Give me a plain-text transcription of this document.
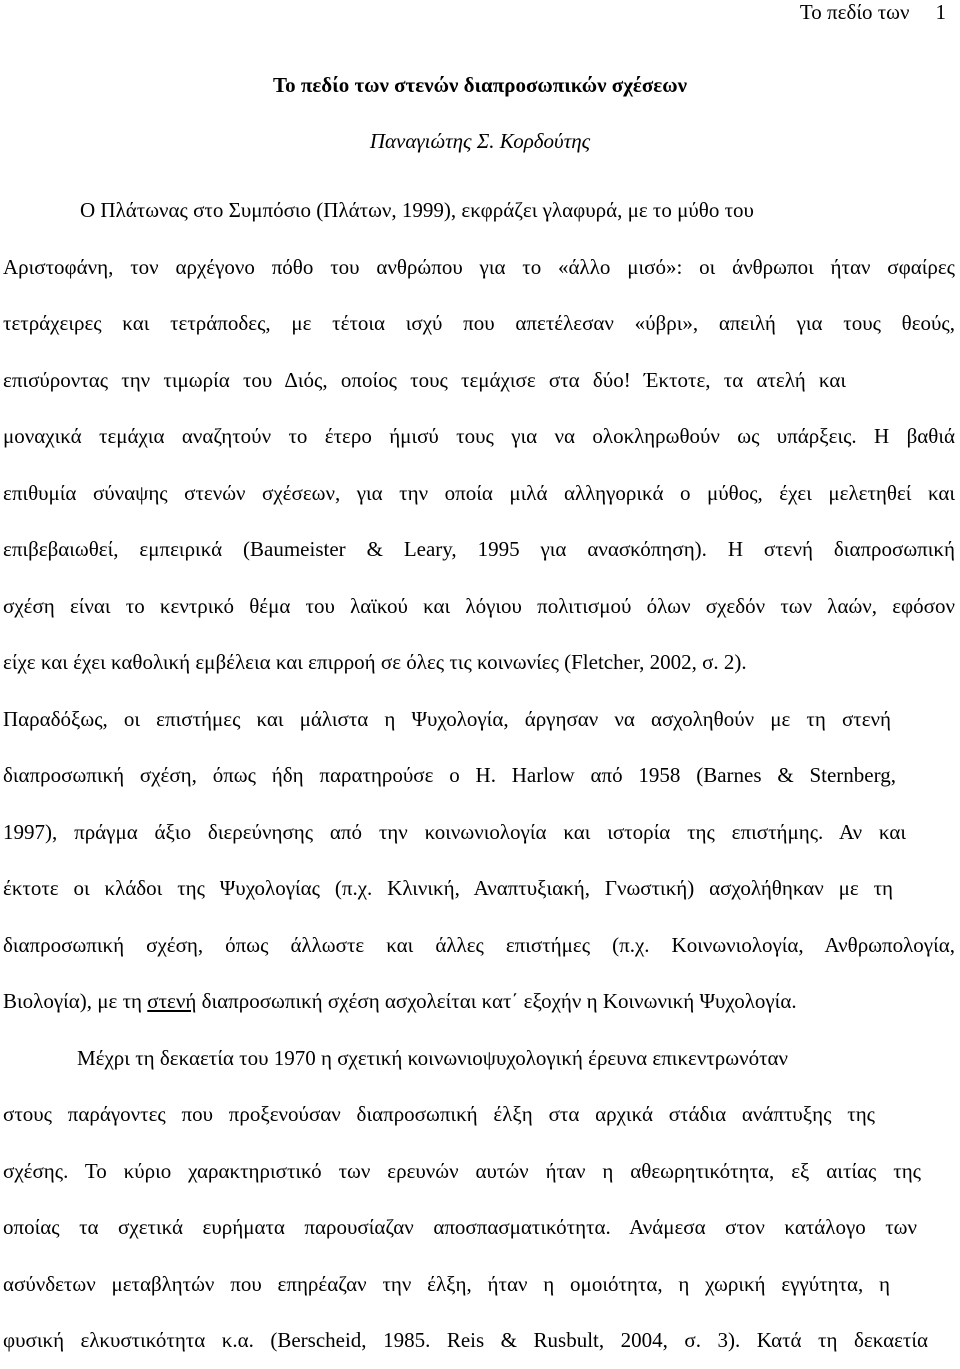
Το πεδίο των 1
Το πεδίο των στενών διαπροσωπικών σχέσεων
Παναγιώτης Σ. Κορδούτης
Ο Πλάτωνας στο Συμπόσιο (Πλάτων, 1999), εκφράζει γλαφυρά, με το μύθο του
Αριστοφάνη, τον αρχέγονο πόθο του ανθρώπου για το «άλλο μισό»: οι άνθρωποι ήταν σφαίρες
τετράχειρες και τετράποδες, με τέτοια ισχύ που απετέλεσαν «ύβρι», απειλή για τους θεούς,
επισύροντας την τιμωρία του Διός, οποίος τους τεμάχισε στα δύο! Έκτοτε, τα ατελή και
μοναχικά τεμάχια αναζητούν το έτερο ήμισύ τους για να ολοκληρωθούν ως υπάρξεις. Η βαθιά
επιθυμία σύναψης στενών σχέσεων, για την οποία μιλά αλληγορικά ο μύθος, έχει μελετηθεί και
επιβεβαιωθεί, εμπειρικά (Baumeister & Leary, 1995 για ανασκόπηση). Η στενή διαπροσωπική
σχέση είναι το κεντρικό θέμα του λαϊκού και λόγιου πολιτισμού όλων σχεδόν των λαών, εφόσον
είχε και έχει καθολική εμβέλεια και επιρροή σε όλες τις κοινωνίες (Fletcher, 2002, σ. 2).
Παραδόξως, οι επιστήμες και μάλιστα η Ψυχολογία, άργησαν να ασχοληθούν με τη στενή
διαπροσωπική σχέση, όπως ήδη παρατηρούσε ο H. Harlow από 1958 (Barnes & Sternberg,
1997), πράγμα άξιο διερεύνησης από την κοινωνιολογία και ιστορία της επιστήμης. Αν και
έκτοτε οι κλάδοι της Ψυχολογίας (π.χ. Κλινική, Αναπτυξιακή, Γνωστική) ασχολήθηκαν με τη
διαπροσωπική σχέση, όπως άλλωστε και άλλες επιστήμες (π.χ. Κοινωνιολογία, Ανθρωπολογία,
Βιολογία), με τη στενή διαπροσωπική σχέση ασχολείται κατ΄ εξοχήν η Κοινωνική Ψυχολογία.
Μέχρι τη δεκαετία του 1970 η σχετική κοινωνιοψυχολογική έρευνα επικεντρωνόταν
στους παράγοντες που προξενούσαν διαπροσωπική έλξη στα αρχικά στάδια ανάπτυξης της
σχέσης. Το κύριο χαρακτηριστικό των ερευνών αυτών ήταν η αθεωρητικότητα, εξ αιτίας της
οποίας τα σχετικά ευρήματα παρουσίαζαν αποσπασματικότητα. Ανάμεσα στον κατάλογο των
ασύνδετων μεταβλητών που επηρέαζαν την έλξη, ήταν η ομοιότητα, η χωρική εγγύτητα, η
φυσική ελκυστικότητα κ.α. (Berscheid, 1985. Reis & Rusbult, 2004, σ. 3). Κατά τη δεκαετία
